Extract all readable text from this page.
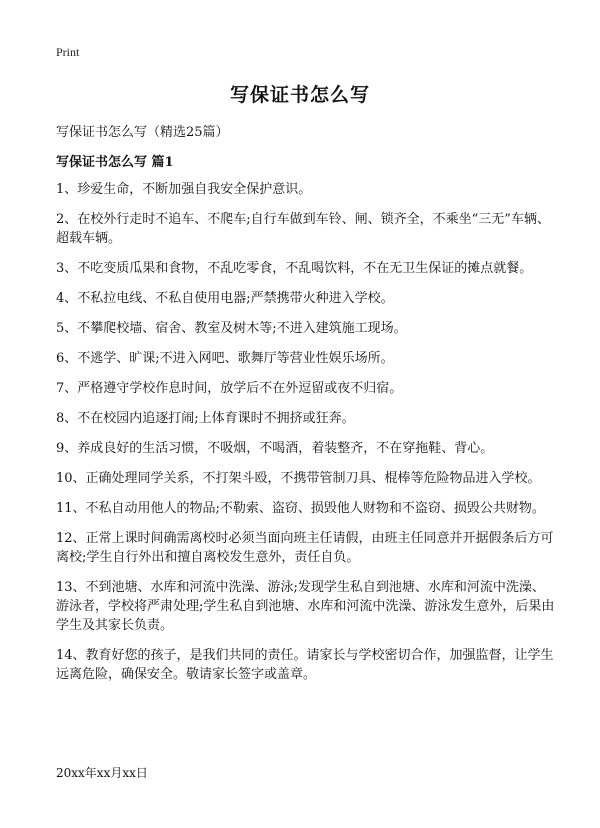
Print
写保证书怎么写
写保证书怎么写（精选25篇）
写保证书怎么写 篇1
1、珍爱生命，不断加强自我安全保护意识。
2、在校外行走时不追车、不爬车;自行车做到车铃、闸、锁齐全，不乘坐“三无”车辆、超载车辆。
3、不吃变质瓜果和食物，不乱吃零食，不乱喝饮料，不在无卫生保证的摊点就餐。
4、不私拉电线、不私自使用电器;严禁携带火种进入学校。
5、不攀爬校墙、宿舍、教室及树木等;不进入建筑施工现场。
6、不逃学、旷课;不进入网吧、歌舞厅等营业性娱乐场所。
7、严格遵守学校作息时间，放学后不在外逗留或夜不归宿。
8、不在校园内追逐打闹;上体育课时不拥挤或狂奔。
9、养成良好的生活习惯，不吸烟，不喝酒，着装整齐，不在穿拖鞋、背心。
10、正确处理同学关系，不打架斗殴，不携带管制刀具、棍棒等危险物品进入学校。
11、不私自动用他人的物品;不勒索、盗窃、损毁他人财物和不盗窃、损毁公共财物。
12、正常上课时间确需离校时必须当面向班主任请假，由班主任同意并开据假条后方可离校;学生自行外出和擅自离校发生意外，责任自负。
13、不到池塘、水库和河流中洗澡、游泳;发现学生私自到池塘、水库和河流中洗澡、游泳者，学校将严肃处理;学生私自到池塘、水库和河流中洗澡、游泳发生意外，后果由学生及其家长负责。
14、教育好您的孩子，是我们共同的责任。请家长与学校密切合作，加强监督，让学生远离危险，确保安全。敬请家长签字或盖章。
20xx年xx月xx日
